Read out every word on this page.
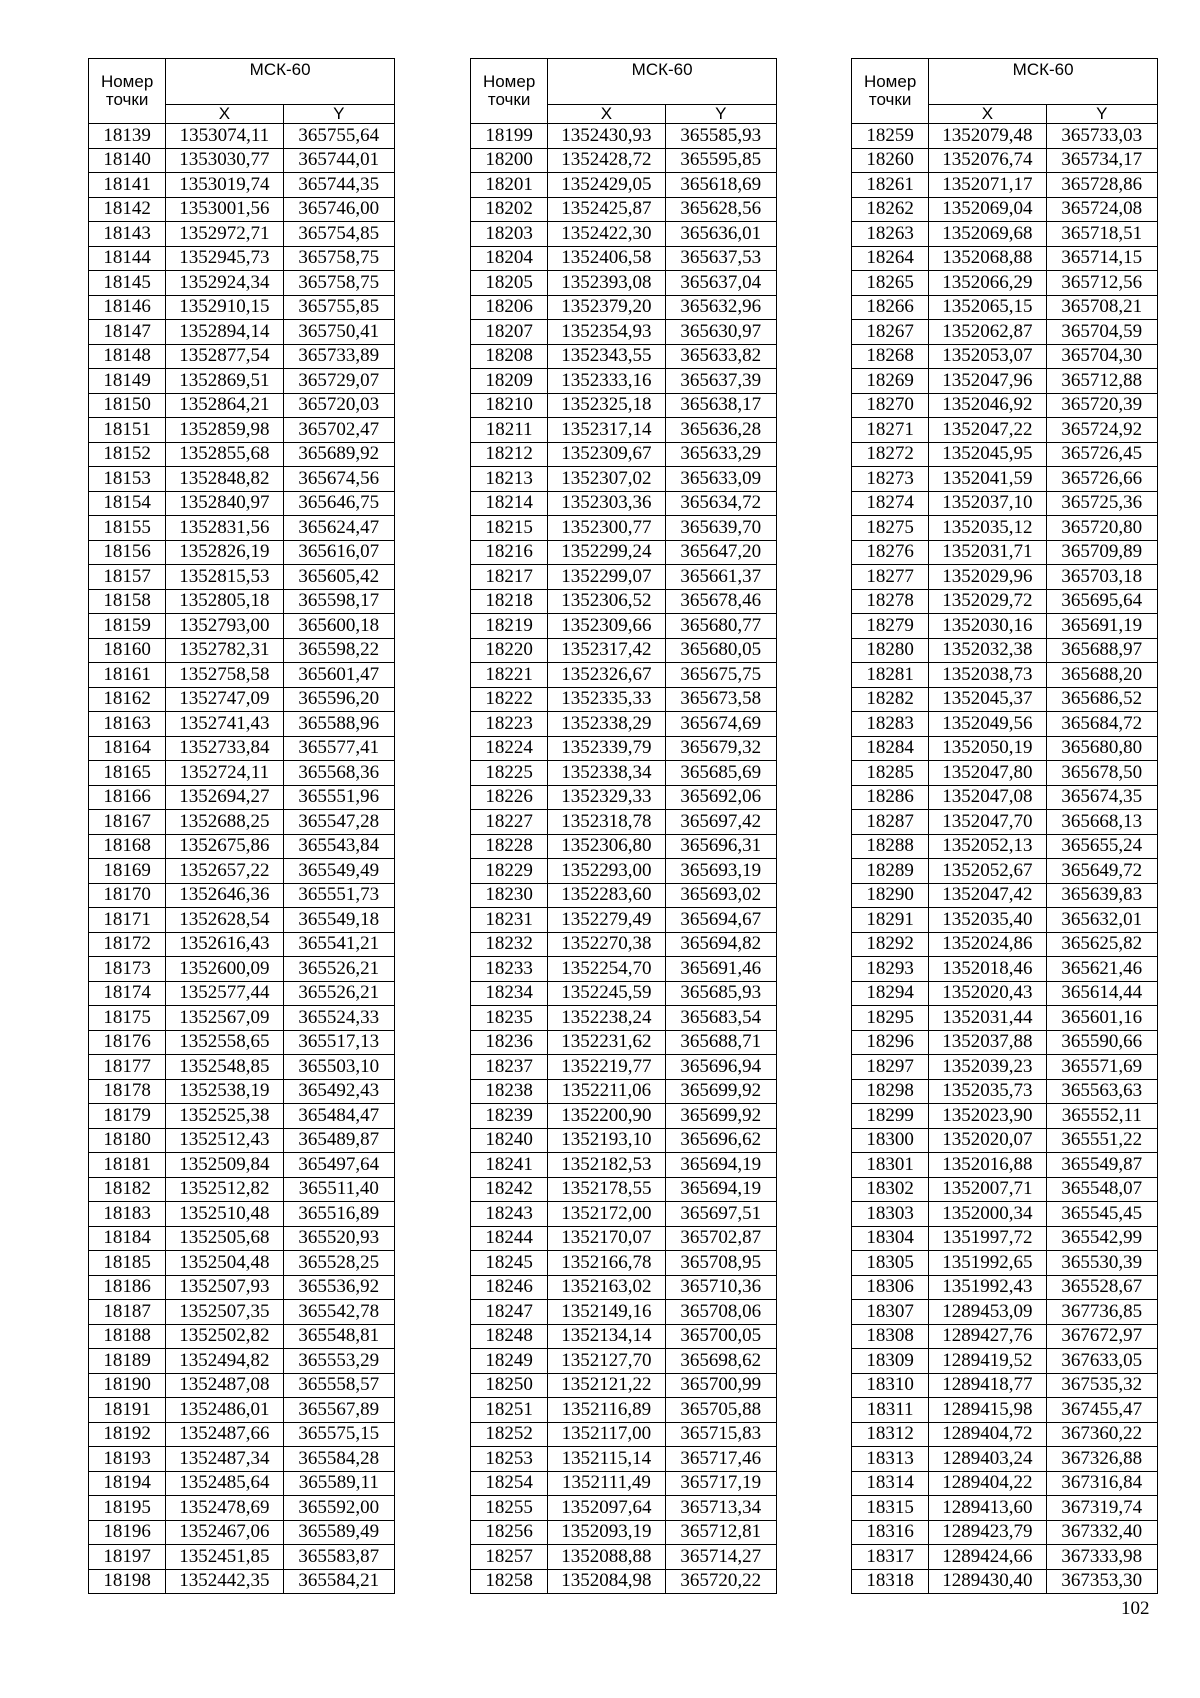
Номер
точки	МСК-60	
	X	Y
18139	1353074,11	365755,64
18140	1353030,77	365744,01
18141	1353019,74	365744,35
18142	1353001,56	365746,00
18143	1352972,71	365754,85
18144	1352945,73	365758,75
18145	1352924,34	365758,75
18146	1352910,15	365755,85
18147	1352894,14	365750,41
18148	1352877,54	365733,89
18149	1352869,51	365729,07
18150	1352864,21	365720,03
18151	1352859,98	365702,47
18152	1352855,68	365689,92
18153	1352848,82	365674,56
18154	1352840,97	365646,75
18155	1352831,56	365624,47
18156	1352826,19	365616,07
18157	1352815,53	365605,42
18158	1352805,18	365598,17
18159	1352793,00	365600,18
18160	1352782,31	365598,22
18161	1352758,58	365601,47
18162	1352747,09	365596,20
18163	1352741,43	365588,96
18164	1352733,84	365577,41
18165	1352724,11	365568,36
18166	1352694,27	365551,96
18167	1352688,25	365547,28
18168	1352675,86	365543,84
18169	1352657,22	365549,49
18170	1352646,36	365551,73
18171	1352628,54	365549,18
18172	1352616,43	365541,21
18173	1352600,09	365526,21
18174	1352577,44	365526,21
18175	1352567,09	365524,33
18176	1352558,65	365517,13
18177	1352548,85	365503,10
18178	1352538,19	365492,43
18179	1352525,38	365484,47
18180	1352512,43	365489,87
18181	1352509,84	365497,64
18182	1352512,82	365511,40
18183	1352510,48	365516,89
18184	1352505,68	365520,93
18185	1352504,48	365528,25
18186	1352507,93	365536,92
18187	1352507,35	365542,78
18188	1352502,82	365548,81
18189	1352494,82	365553,29
18190	1352487,08	365558,57
18191	1352486,01	365567,89
18192	1352487,66	365575,15
18193	1352487,34	365584,28
18194	1352485,64	365589,11
18195	1352478,69	365592,00
18196	1352467,06	365589,49
18197	1352451,85	365583,87
18198	1352442,35	365584,21
Номер
точки	МСК-60	
	X	Y
18199	1352430,93	365585,93
18200	1352428,72	365595,85
18201	1352429,05	365618,69
18202	1352425,87	365628,56
18203	1352422,30	365636,01
18204	1352406,58	365637,53
18205	1352393,08	365637,04
18206	1352379,20	365632,96
18207	1352354,93	365630,97
18208	1352343,55	365633,82
18209	1352333,16	365637,39
18210	1352325,18	365638,17
18211	1352317,14	365636,28
18212	1352309,67	365633,29
18213	1352307,02	365633,09
18214	1352303,36	365634,72
18215	1352300,77	365639,70
18216	1352299,24	365647,20
18217	1352299,07	365661,37
18218	1352306,52	365678,46
18219	1352309,66	365680,77
18220	1352317,42	365680,05
18221	1352326,67	365675,75
18222	1352335,33	365673,58
18223	1352338,29	365674,69
18224	1352339,79	365679,32
18225	1352338,34	365685,69
18226	1352329,33	365692,06
18227	1352318,78	365697,42
18228	1352306,80	365696,31
18229	1352293,00	365693,19
18230	1352283,60	365693,02
18231	1352279,49	365694,67
18232	1352270,38	365694,82
18233	1352254,70	365691,46
18234	1352245,59	365685,93
18235	1352238,24	365683,54
18236	1352231,62	365688,71
18237	1352219,77	365696,94
18238	1352211,06	365699,92
18239	1352200,90	365699,92
18240	1352193,10	365696,62
18241	1352182,53	365694,19
18242	1352178,55	365694,19
18243	1352172,00	365697,51
18244	1352170,07	365702,87
18245	1352166,78	365708,95
18246	1352163,02	365710,36
18247	1352149,16	365708,06
18248	1352134,14	365700,05
18249	1352127,70	365698,62
18250	1352121,22	365700,99
18251	1352116,89	365705,88
18252	1352117,00	365715,83
18253	1352115,14	365717,46
18254	1352111,49	365717,19
18255	1352097,64	365713,34
18256	1352093,19	365712,81
18257	1352088,88	365714,27
18258	1352084,98	365720,22
Номер
точки	МСК-60	
	X	Y
18259	1352079,48	365733,03
18260	1352076,74	365734,17
18261	1352071,17	365728,86
18262	1352069,04	365724,08
18263	1352069,68	365718,51
18264	1352068,88	365714,15
18265	1352066,29	365712,56
18266	1352065,15	365708,21
18267	1352062,87	365704,59
18268	1352053,07	365704,30
18269	1352047,96	365712,88
18270	1352046,92	365720,39
18271	1352047,22	365724,92
18272	1352045,95	365726,45
18273	1352041,59	365726,66
18274	1352037,10	365725,36
18275	1352035,12	365720,80
18276	1352031,71	365709,89
18277	1352029,96	365703,18
18278	1352029,72	365695,64
18279	1352030,16	365691,19
18280	1352032,38	365688,97
18281	1352038,73	365688,20
18282	1352045,37	365686,52
18283	1352049,56	365684,72
18284	1352050,19	365680,80
18285	1352047,80	365678,50
18286	1352047,08	365674,35
18287	1352047,70	365668,13
18288	1352052,13	365655,24
18289	1352052,67	365649,72
18290	1352047,42	365639,83
18291	1352035,40	365632,01
18292	1352024,86	365625,82
18293	1352018,46	365621,46
18294	1352020,43	365614,44
18295	1352031,44	365601,16
18296	1352037,88	365590,66
18297	1352039,23	365571,69
18298	1352035,73	365563,63
18299	1352023,90	365552,11
18300	1352020,07	365551,22
18301	1352016,88	365549,87
18302	1352007,71	365548,07
18303	1352000,34	365545,45
18304	1351997,72	365542,99
18305	1351992,65	365530,39
18306	1351992,43	365528,67
18307	1289453,09	367736,85
18308	1289427,76	367672,97
18309	1289419,52	367633,05
18310	1289418,77	367535,32
18311	1289415,98	367455,47
18312	1289404,72	367360,22
18313	1289403,24	367326,88
18314	1289404,22	367316,84
18315	1289413,60	367319,74
18316	1289423,79	367332,40
18317	1289424,66	367333,98
18318	1289430,40	367353,30
102
